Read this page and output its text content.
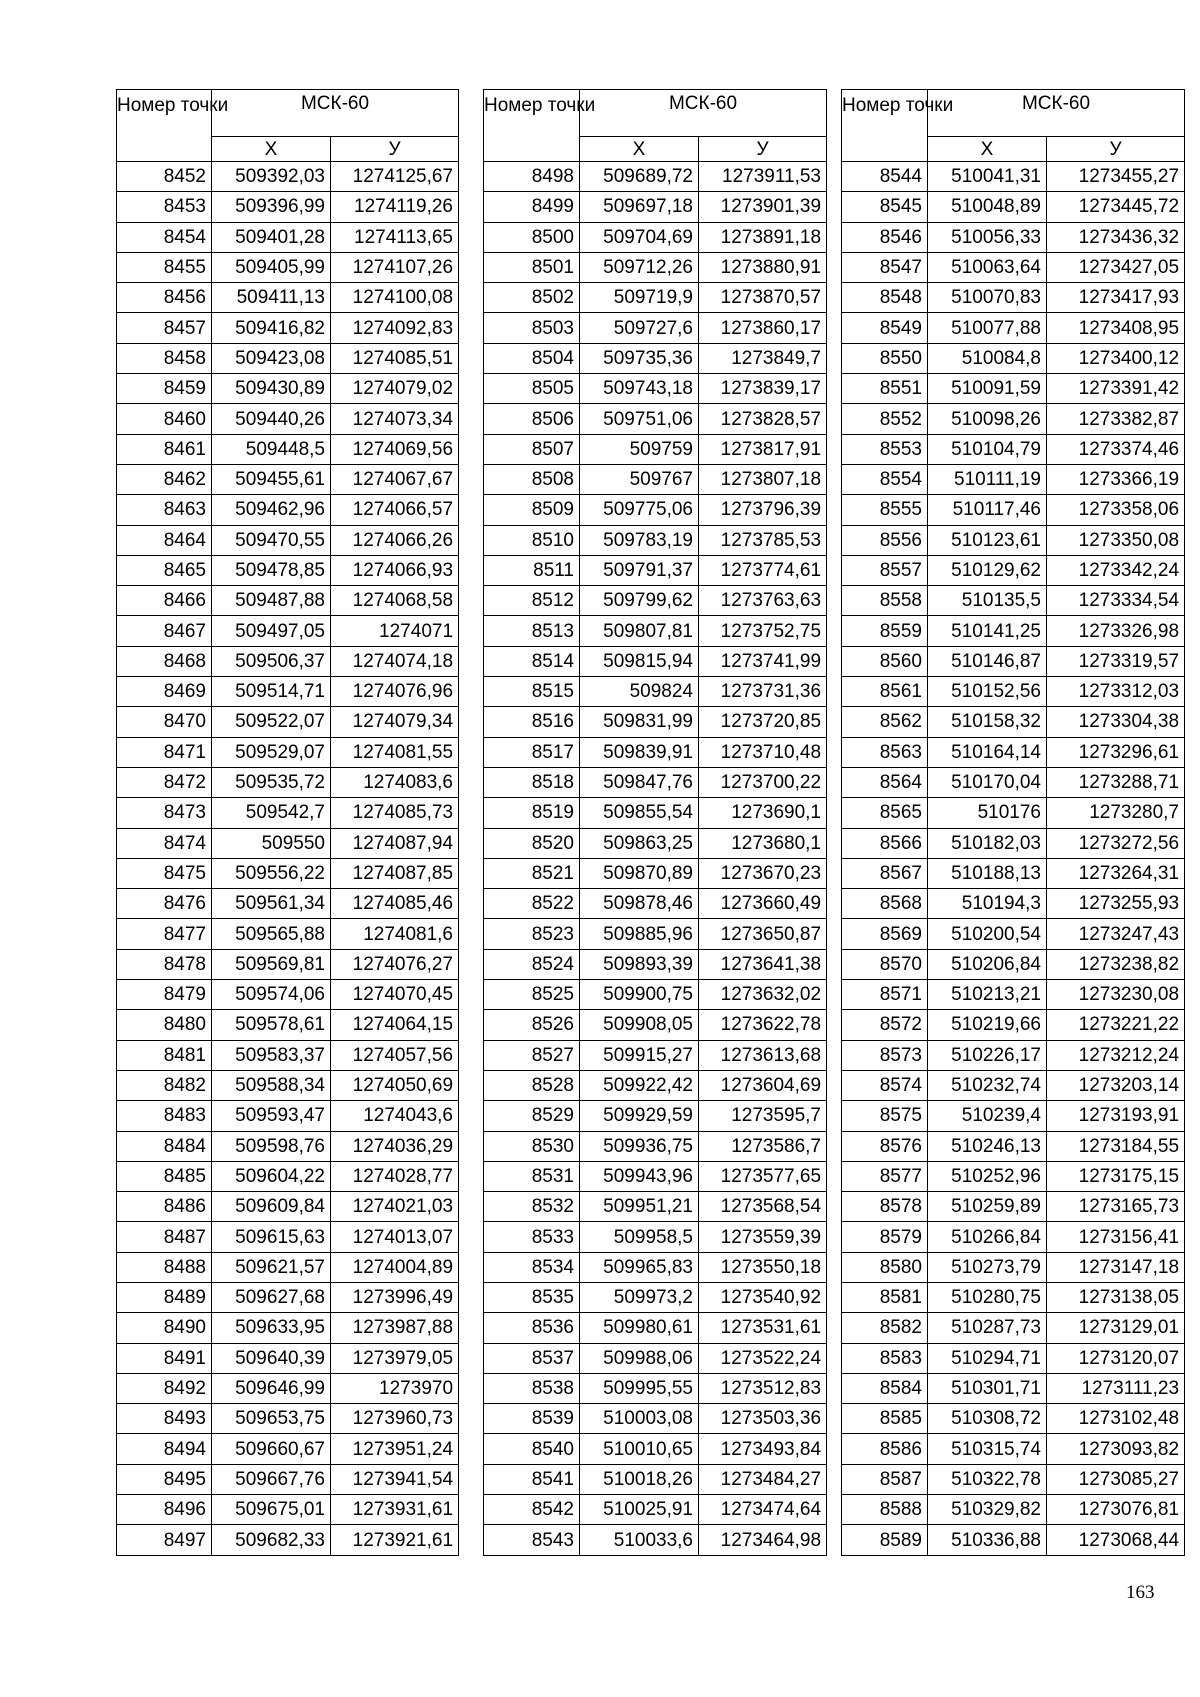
Номер точки	МСК-60	
	Х	У
8452	509392,03	1274125,67
8453	509396,99	1274119,26
8454	509401,28	1274113,65
8455	509405,99	1274107,26
8456	509411,13	1274100,08
8457	509416,82	1274092,83
8458	509423,08	1274085,51
8459	509430,89	1274079,02
8460	509440,26	1274073,34
8461	509448,5	1274069,56
8462	509455,61	1274067,67
8463	509462,96	1274066,57
8464	509470,55	1274066,26
8465	509478,85	1274066,93
8466	509487,88	1274068,58
8467	509497,05	1274071
8468	509506,37	1274074,18
8469	509514,71	1274076,96
8470	509522,07	1274079,34
8471	509529,07	1274081,55
8472	509535,72	1274083,6
8473	509542,7	1274085,73
8474	509550	1274087,94
8475	509556,22	1274087,85
8476	509561,34	1274085,46
8477	509565,88	1274081,6
8478	509569,81	1274076,27
8479	509574,06	1274070,45
8480	509578,61	1274064,15
8481	509583,37	1274057,56
8482	509588,34	1274050,69
8483	509593,47	1274043,6
8484	509598,76	1274036,29
8485	509604,22	1274028,77
8486	509609,84	1274021,03
8487	509615,63	1274013,07
8488	509621,57	1274004,89
8489	509627,68	1273996,49
8490	509633,95	1273987,88
8491	509640,39	1273979,05
8492	509646,99	1273970
8493	509653,75	1273960,73
8494	509660,67	1273951,24
8495	509667,76	1273941,54
8496	509675,01	1273931,61
8497	509682,33	1273921,61
Номер точки	МСК-60	
	Х	У
8498	509689,72	1273911,53
8499	509697,18	1273901,39
8500	509704,69	1273891,18
8501	509712,26	1273880,91
8502	509719,9	1273870,57
8503	509727,6	1273860,17
8504	509735,36	1273849,7
8505	509743,18	1273839,17
8506	509751,06	1273828,57
8507	509759	1273817,91
8508	509767	1273807,18
8509	509775,06	1273796,39
8510	509783,19	1273785,53
8511	509791,37	1273774,61
8512	509799,62	1273763,63
8513	509807,81	1273752,75
8514	509815,94	1273741,99
8515	509824	1273731,36
8516	509831,99	1273720,85
8517	509839,91	1273710,48
8518	509847,76	1273700,22
8519	509855,54	1273690,1
8520	509863,25	1273680,1
8521	509870,89	1273670,23
8522	509878,46	1273660,49
8523	509885,96	1273650,87
8524	509893,39	1273641,38
8525	509900,75	1273632,02
8526	509908,05	1273622,78
8527	509915,27	1273613,68
8528	509922,42	1273604,69
8529	509929,59	1273595,7
8530	509936,75	1273586,7
8531	509943,96	1273577,65
8532	509951,21	1273568,54
8533	509958,5	1273559,39
8534	509965,83	1273550,18
8535	509973,2	1273540,92
8536	509980,61	1273531,61
8537	509988,06	1273522,24
8538	509995,55	1273512,83
8539	510003,08	1273503,36
8540	510010,65	1273493,84
8541	510018,26	1273484,27
8542	510025,91	1273474,64
8543	510033,6	1273464,98
Номер точки	МСК-60	
	Х	У
8544	510041,31	1273455,27
8545	510048,89	1273445,72
8546	510056,33	1273436,32
8547	510063,64	1273427,05
8548	510070,83	1273417,93
8549	510077,88	1273408,95
8550	510084,8	1273400,12
8551	510091,59	1273391,42
8552	510098,26	1273382,87
8553	510104,79	1273374,46
8554	510111,19	1273366,19
8555	510117,46	1273358,06
8556	510123,61	1273350,08
8557	510129,62	1273342,24
8558	510135,5	1273334,54
8559	510141,25	1273326,98
8560	510146,87	1273319,57
8561	510152,56	1273312,03
8562	510158,32	1273304,38
8563	510164,14	1273296,61
8564	510170,04	1273288,71
8565	510176	1273280,7
8566	510182,03	1273272,56
8567	510188,13	1273264,31
8568	510194,3	1273255,93
8569	510200,54	1273247,43
8570	510206,84	1273238,82
8571	510213,21	1273230,08
8572	510219,66	1273221,22
8573	510226,17	1273212,24
8574	510232,74	1273203,14
8575	510239,4	1273193,91
8576	510246,13	1273184,55
8577	510252,96	1273175,15
8578	510259,89	1273165,73
8579	510266,84	1273156,41
8580	510273,79	1273147,18
8581	510280,75	1273138,05
8582	510287,73	1273129,01
8583	510294,71	1273120,07
8584	510301,71	1273111,23
8585	510308,72	1273102,48
8586	510315,74	1273093,82
8587	510322,78	1273085,27
8588	510329,82	1273076,81
8589	510336,88	1273068,44
163
